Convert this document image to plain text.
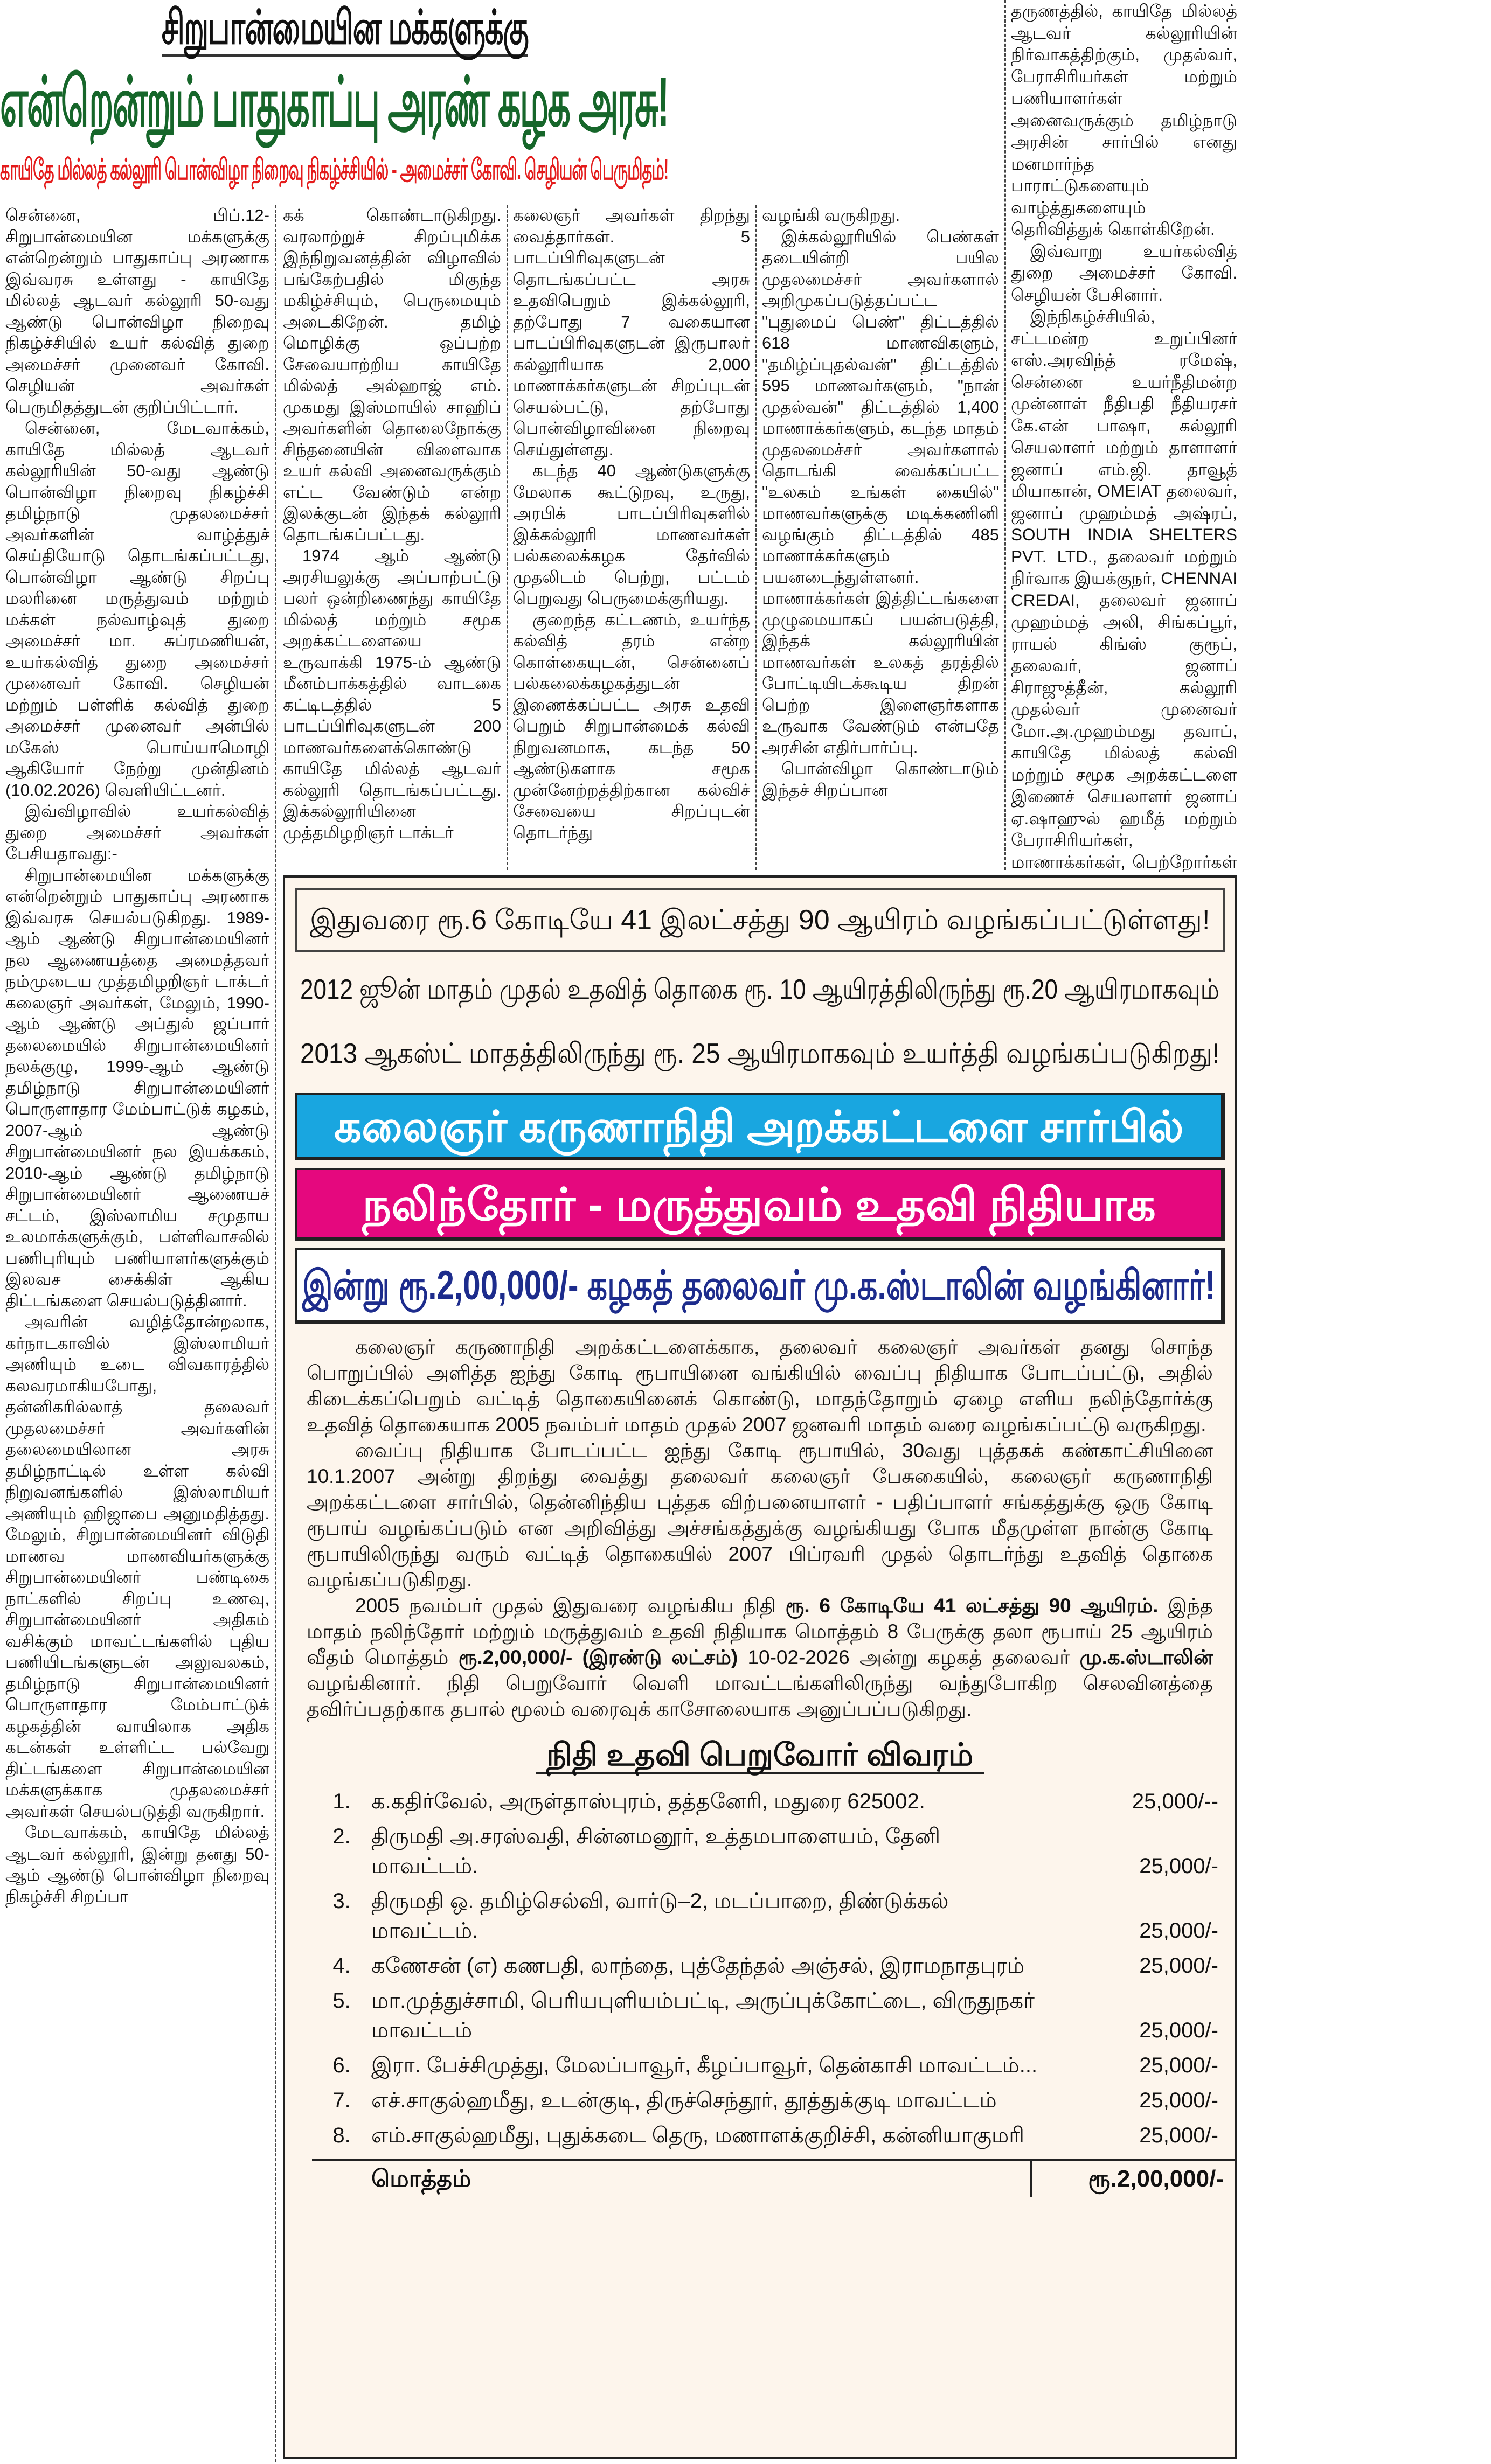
சிறுபான்மையின மக்களுக்கு
என்றென்றும் பாதுகாப்பு அரண் கழக அரசு!
காயிதே மில்லத் கல்லூரி பொன்விழா நிறைவு நிகழ்ச்சியில் - அமைச்சர் கோவி. செழியன் பெருமிதம்!

சென்னை, பிப்.12- சிறுபான்மையின மக்களுக்கு என்றென்றும் பாதுகாப்பு அரணாக இவ்வரசு உள்ளது - காயிதே மில்லத் ஆடவர் கல்லூரி 50-வது ஆண்டு பொன்விழா நிறைவு நிகழ்ச்சியில் உயர் கல்வித் துறை அமைச்சர் முனைவர் கோவி. செழியன் அவர்கள் பெருமிதத்துடன் குறிப்பிட்டார்.

சென்னை, மேடவாக்கம், காயிதே மில்லத் ஆடவர் கல்லூரியின் 50-வது ஆண்டு பொன்விழா நிறைவு நிகழ்ச்சி தமிழ்நாடு முதலமைச்சர் அவர்களின் வாழ்த்துச் செய்தியோடு தொடங்கப்பட்டது, பொன்விழா ஆண்டு சிறப்பு மலரினை மருத்துவம் மற்றும் மக்கள் நல்வாழ்வுத் துறை அமைச்சர் மா. சுப்ரமணியன், உயர்கல்வித் துறை அமைச்சர் முனைவர் கோவி. செழியன் மற்றும் பள்ளிக் கல்வித் துறை அமைச்சர் முனைவர் அன்பில் மகேஸ் பொய்யாமொழி ஆகியோர் நேற்று முன்தினம் (10.02.2026) வெளியிட்டனர்.

இவ்விழாவில் உயர்கல்வித் துறை அமைச்சர் அவர்கள் பேசியதாவது:-

சிறுபான்மையின மக்களுக்கு என்றென்றும் பாதுகாப்பு அரணாக இவ்வரசு செயல்படுகிறது. 1989-ஆம் ஆண்டு சிறுபான்மையினர் நல ஆணையத்தை அமைத்தவர் நம்முடைய முத்தமிழறிஞர் டாக்டர் கலைஞர் அவர்கள், மேலும், 1990-ஆம் ஆண்டு அப்துல் ஜப்பார் தலைமையில் சிறுபான்மையினர் நலக்குழு, 1999-ஆம் ஆண்டு தமிழ்நாடு சிறுபான்மையினர் பொருளாதார மேம்பாட்டுக் கழகம், 2007-ஆம் ஆண்டு சிறுபான்மையினர் நல இயக்ககம், 2010-ஆம் ஆண்டு தமிழ்நாடு சிறுபான்மையினர் ஆணையச் சட்டம், இஸ்லாமிய சமுதாய உலமாக்களுக்கும், பள்ளிவாசலில் பணிபுரியும் பணியாளர்களுக்கும் இலவச சைக்கிள் ஆகிய திட்டங்களை செயல்படுத்தினார்.

அவரின் வழித்தோன்றலாக, கர்நாடகாவில் இஸ்லாமியர் அணியும் உடை விவகாரத்தில் கலவரமாகியபோது, தன்னிகரில்லாத் தலைவர் முதலமைச்சர் அவர்களின் தலைமையிலான அரசு தமிழ்நாட்டில் உள்ள கல்வி நிறுவனங்களில் இஸ்லாமியர் அணியும் ஹிஜாபை அனுமதித்தது. மேலும், சிறுபான்மையினர் விடுதி மாணவ மாணவியர்களுக்கு சிறுபான்மையினர் பண்டிகை நாட்களில் சிறப்பு உணவு, சிறுபான்மையினர் அதிகம் வசிக்கும் மாவட்டங்களில் புதிய பணியிடங்களுடன் அலுவலகம், தமிழ்நாடு சிறுபான்மையினர் பொருளாதார மேம்பாட்டுக் கழகத்தின் வாயிலாக அதிக கடன்கள் உள்ளிட்ட பல்வேறு திட்டங்களை சிறுபான்மையின மக்களுக்காக முதலமைச்சர் அவர்கள் செயல்படுத்தி வருகிறார்.

மேடவாக்கம், காயிதே மில்லத் ஆடவர் கல்லூரி, இன்று தனது 50-ஆம் ஆண்டு பொன்விழா நிறைவு நிகழ்ச்சி சிறப்பா

கக் கொண்டாடுகிறது. வரலாற்றுச் சிறப்புமிக்க இந்நிறுவனத்தின் விழாவில் பங்கேற்பதில் மிகுந்த மகிழ்ச்சியும், பெருமையும் அடைகிறேன். தமிழ் மொழிக்கு ஒப்பற்ற சேவையாற்றிய காயிதே மில்லத் அல்ஹாஜ் எம். முகமது இஸ்மாயில் சாஹிப் அவர்களின் தொலைநோக்கு சிந்தனையின் விளைவாக உயர் கல்வி அனைவருக்கும் எட்ட வேண்டும் என்ற இலக்குடன் இந்தக் கல்லூரி தொடங்கப்பட்டது.

1974 ஆம் ஆண்டு அரசியலுக்கு அப்பாற்பட்டு பலர் ஒன்றிணைந்து காயிதே மில்லத் மற்றும் சமூக அறக்கட்டளையை உருவாக்கி 1975-ம் ஆண்டு மீனம்பாக்கத்தில் வாடகை கட்டிடத்தில் 5 பாடப்பிரிவுகளுடன் 200 மாணவர்களைக்கொண்டு காயிதே மில்லத் ஆடவர் கல்லூரி தொடங்கப்பட்டது. இக்கல்லூரியினை முத்தமிழறிஞர் டாக்டர்

கலைஞர் அவர்கள் திறந்து வைத்தார்கள். 5 பாடப்பிரிவுகளுடன் தொடங்கப்பட்ட அரசு உதவிபெறும் இக்கல்லூரி, தற்போது 7 வகையான பாடப்பிரிவுகளுடன் இருபாலர் கல்லூரியாக 2,000 மாணாக்கர்களுடன் சிறப்புடன் செயல்பட்டு, தற்போது பொன்விழாவினை நிறைவு செய்துள்ளது.

கடந்த 40 ஆண்டுகளுக்கு மேலாக கூட்டுறவு, உருது, அரபிக் பாடப்பிரிவுகளில் இக்கல்லூரி மாணவர்கள் பல்கலைக்கழக தேர்வில் முதலிடம் பெற்று, பட்டம் பெறுவது பெருமைக்குரியது.

குறைந்த கட்டணம், உயர்ந்த கல்வித் தரம் என்ற கொள்கையுடன், சென்னைப் பல்கலைக்கழகத்துடன் இணைக்கப்பட்ட அரசு உதவி பெறும் சிறுபான்மைக் கல்வி நிறுவனமாக, கடந்த 50 ஆண்டுகளாக சமூக முன்னேற்றத்திற்கான கல்விச் சேவையை சிறப்புடன் தொடர்ந்து

வழங்கி வருகிறது.

இக்கல்லூரியில் பெண்கள் தடையின்றி பயில முதலமைச்சர் அவர்களால் அறிமுகப்படுத்தப்பட்ட "புதுமைப் பெண்" திட்டத்தில் 618 மாணவிகளும், "தமிழ்ப்புதல்வன்" திட்டத்தில் 595 மாணவர்களும், "நான் முதல்வன்" திட்டத்தில் 1,400 மாணாக்கர்களும், கடந்த மாதம் முதலமைச்சர் அவர்களால் தொடங்கி வைக்கப்பட்ட "உலகம் உங்கள் கையில்" மாணவர்களுக்கு மடிக்கணினி வழங்கும் திட்டத்தில் 485 மாணாக்கர்களும் பயனடைந்துள்ளனர். மாணாக்கர்கள் இத்திட்டங்களை முழுமையாகப் பயன்படுத்தி, இந்தக் கல்லூரியின் மாணவர்கள் உலகத் தரத்தில் போட்டியிடக்கூடிய திறன் பெற்ற இளைஞர்களாக உருவாக வேண்டும் என்பதே அரசின் எதிர்பார்ப்பு.

பொன்விழா கொண்டாடும் இந்தச் சிறப்பான

தருணத்தில், காயிதே மில்லத் ஆடவர் கல்லூரியின் நிர்வாகத்திற்கும், முதல்வர், பேராசிரியர்கள் மற்றும் பணியாளர்கள் அனைவருக்கும் தமிழ்நாடு அரசின் சார்பில் எனது மனமார்ந்த பாராட்டுகளையும் வாழ்த்துகளையும் தெரிவித்துக் கொள்கிறேன்.

இவ்வாறு உயர்கல்வித் துறை அமைச்சர் கோவி. செழியன் பேசினார்.

இந்நிகழ்ச்சியில், சட்டமன்ற உறுப்பினர் எஸ்.அரவிந்த் ரமேஷ், சென்னை உயர்நீதிமன்ற முன்னாள் நீதிபதி நீதியரசர் கே.என் பாஷா, கல்லூரி செயலாளர் மற்றும் தாளாளர் ஜனாப் எம்.ஜி. தாவூத் மியாகான், OMEIAT தலைவர், ஜனாப் முஹம்மத் அஷ்ரப், SOUTH INDIA SHELTERS PVT. LTD., தலைவர் மற்றும் நிர்வாக இயக்குநர், CHENNAI CREDAI, தலைவர் ஜனாப் முஹம்மத் அலி, சிங்கப்பூர், ராயல் கிங்ஸ் குரூப், தலைவர், ஜனாப் சிராஜுத்தீன், கல்லூரி முதல்வர் முனைவர் மோ.அ.முஹம்மது தவாப், காயிதே மில்லத் கல்வி மற்றும் சமூக அறக்கட்டளை இணைச் செயலாளர் ஜனாப் ஏ.ஷாஹுல் ஹமீத் மற்றும் பேராசிரியர்கள், மாணாக்கர்கள், பெற்றோர்கள்

இதுவரை ரூ.6 கோடியே 41 இலட்சத்து 90 ஆயிரம் வழங்கப்பட்டுள்ளது!
2012 ஜூன் மாதம் முதல் உதவித் தொகை ரூ. 10 ஆயிரத்திலிருந்து ரூ.20 ஆயிரமாகவும்
2013 ஆகஸ்ட் மாதத்திலிருந்து ரூ. 25 ஆயிரமாகவும் உயர்த்தி வழங்கப்படுகிறது!
கலைஞர் கருணாநிதி அறக்கட்டளை சார்பில்
நலிந்தோர் - மருத்துவம் உதவி நிதியாக
இன்று ரூ.2,00,000/- கழகத் தலைவர் மு.க.ஸ்டாலின் வழங்கினார்!

கலைஞர் கருணாநிதி அறக்கட்டளைக்காக, தலைவர் கலைஞர் அவர்கள் தனது சொந்த பொறுப்பில் அளித்த ஐந்து கோடி ரூபாயினை வங்கியில் வைப்பு நிதியாக போடப்பட்டு, அதில் கிடைக்கப்பெறும் வட்டித் தொகையினைக் கொண்டு, மாதந்தோறும் ஏழை எளிய நலிந்தோர்க்கு உதவித் தொகையாக 2005 நவம்பர் மாதம் முதல் 2007 ஜனவரி மாதம் வரை வழங்கப்பட்டு வருகிறது.

வைப்பு நிதியாக போடப்பட்ட ஐந்து கோடி ரூபாயில், 30வது புத்தகக் கண்காட்சியினை 10.1.2007 அன்று திறந்து வைத்து தலைவர் கலைஞர் பேசுகையில், கலைஞர் கருணாநிதி அறக்கட்டளை சார்பில், தென்னிந்திய புத்தக விற்பனையாளர் - பதிப்பாளர் சங்கத்துக்கு ஒரு கோடி ரூபாய் வழங்கப்படும் என அறிவித்து அச்சங்கத்துக்கு வழங்கியது போக மீதமுள்ள நான்கு கோடி ரூபாயிலிருந்து வரும் வட்டித் தொகையில் 2007 பிப்ரவரி முதல் தொடர்ந்து உதவித் தொகை வழங்கப்படுகிறது.

2005 நவம்பர் முதல் இதுவரை வழங்கிய நிதி ரூ. 6 கோடியே 41 லட்சத்து 90 ஆயிரம். இந்த மாதம் நலிந்தோர் மற்றும் மருத்துவம் உதவி நிதியாக மொத்தம் 8 பேருக்கு தலா ரூபாய் 25 ஆயிரம் வீதம் மொத்தம் ரூ.2,00,000/- (இரண்டு லட்சம்) 10-02-2026 அன்று கழகத் தலைவர் மு.க.ஸ்டாலின் வழங்கினார். நிதி பெறுவோர் வெளி மாவட்டங்களிலிருந்து வந்துபோகிற செலவினத்தை தவிர்ப்பதற்காக தபால் மூலம் வரைவுக் காசோலையாக அனுப்பப்படுகிறது.

நிதி உதவி பெறுவோர் விவரம்
1. க.கதிர்வேல், அருள்தாஸ்புரம், தத்தனேரி, மதுரை 625002.	25,000/--
2. திருமதி அ.சரஸ்வதி, சின்னமனூர், உத்தமபாளையம், தேனி மாவட்டம்.	25,000/-
3. திருமதி ஒ. தமிழ்செல்வி, வார்டு–2, மடப்பாறை, திண்டுக்கல் மாவட்டம்.	25,000/-
4. கணேசன் (எ) கணபதி, லாந்தை, புத்தேந்தல் அஞ்சல், இராமநாதபுரம்	25,000/-
5. மா.முத்துச்சாமி, பெரியபுளியம்பட்டி, அருப்புக்கோட்டை, விருதுநகர் மாவட்டம்	25,000/-
6. இரா. பேச்சிமுத்து, மேலப்பாவூர், கீழப்பாவூர், தென்காசி மாவட்டம்...	25,000/-
7. எச்.சாகுல்ஹமீது, உடன்குடி, திருச்செந்தூர், தூத்துக்குடி மாவட்டம்	25,000/-
8. எம்.சாகுல்ஹமீது, புதுக்கடை தெரு, மணாளக்குறிச்சி, கன்னியாகுமரி	25,000/-
மொத்தம்	ரூ.2,00,000/-
